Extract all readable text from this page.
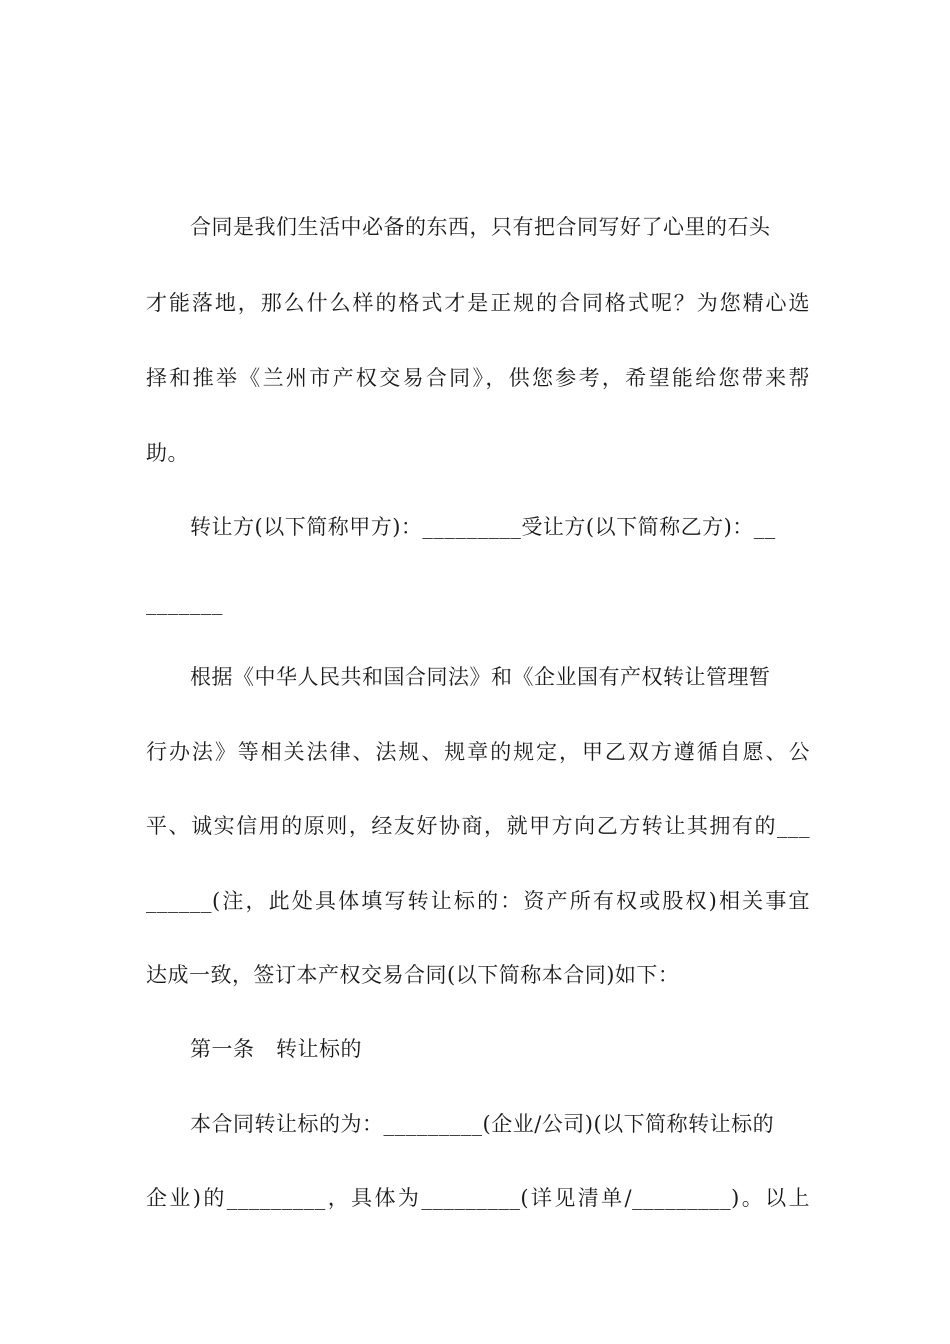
合同是我们生活中必备的东西，只有把合同写好了心里的石头
才能落地，那么什么样的格式才是正规的合同格式呢？为您精心选
择和推举《兰州市产权交易合同》，供您参考，希望能给您带来帮
助。
转让方(以下简称甲方)：_________受让方(以下简称乙方)：__
_______
根据《中华人民共和国合同法》和《企业国有产权转让管理暂
行办法》等相关法律、法规、规章的规定，甲乙双方遵循自愿、公
平、诚实信用的原则，经友好协商，就甲方向乙方转让其拥有的___
______(注，此处具体填写转让标的：资产所有权或股权)相关事宜
达成一致，签订本产权交易合同(以下简称本合同)如下：
第一条　转让标的
本合同转让标的为：_________(企业/公司)(以下简称转让标的
企业)的_________，具体为_________(详见清单/_________)。以上
